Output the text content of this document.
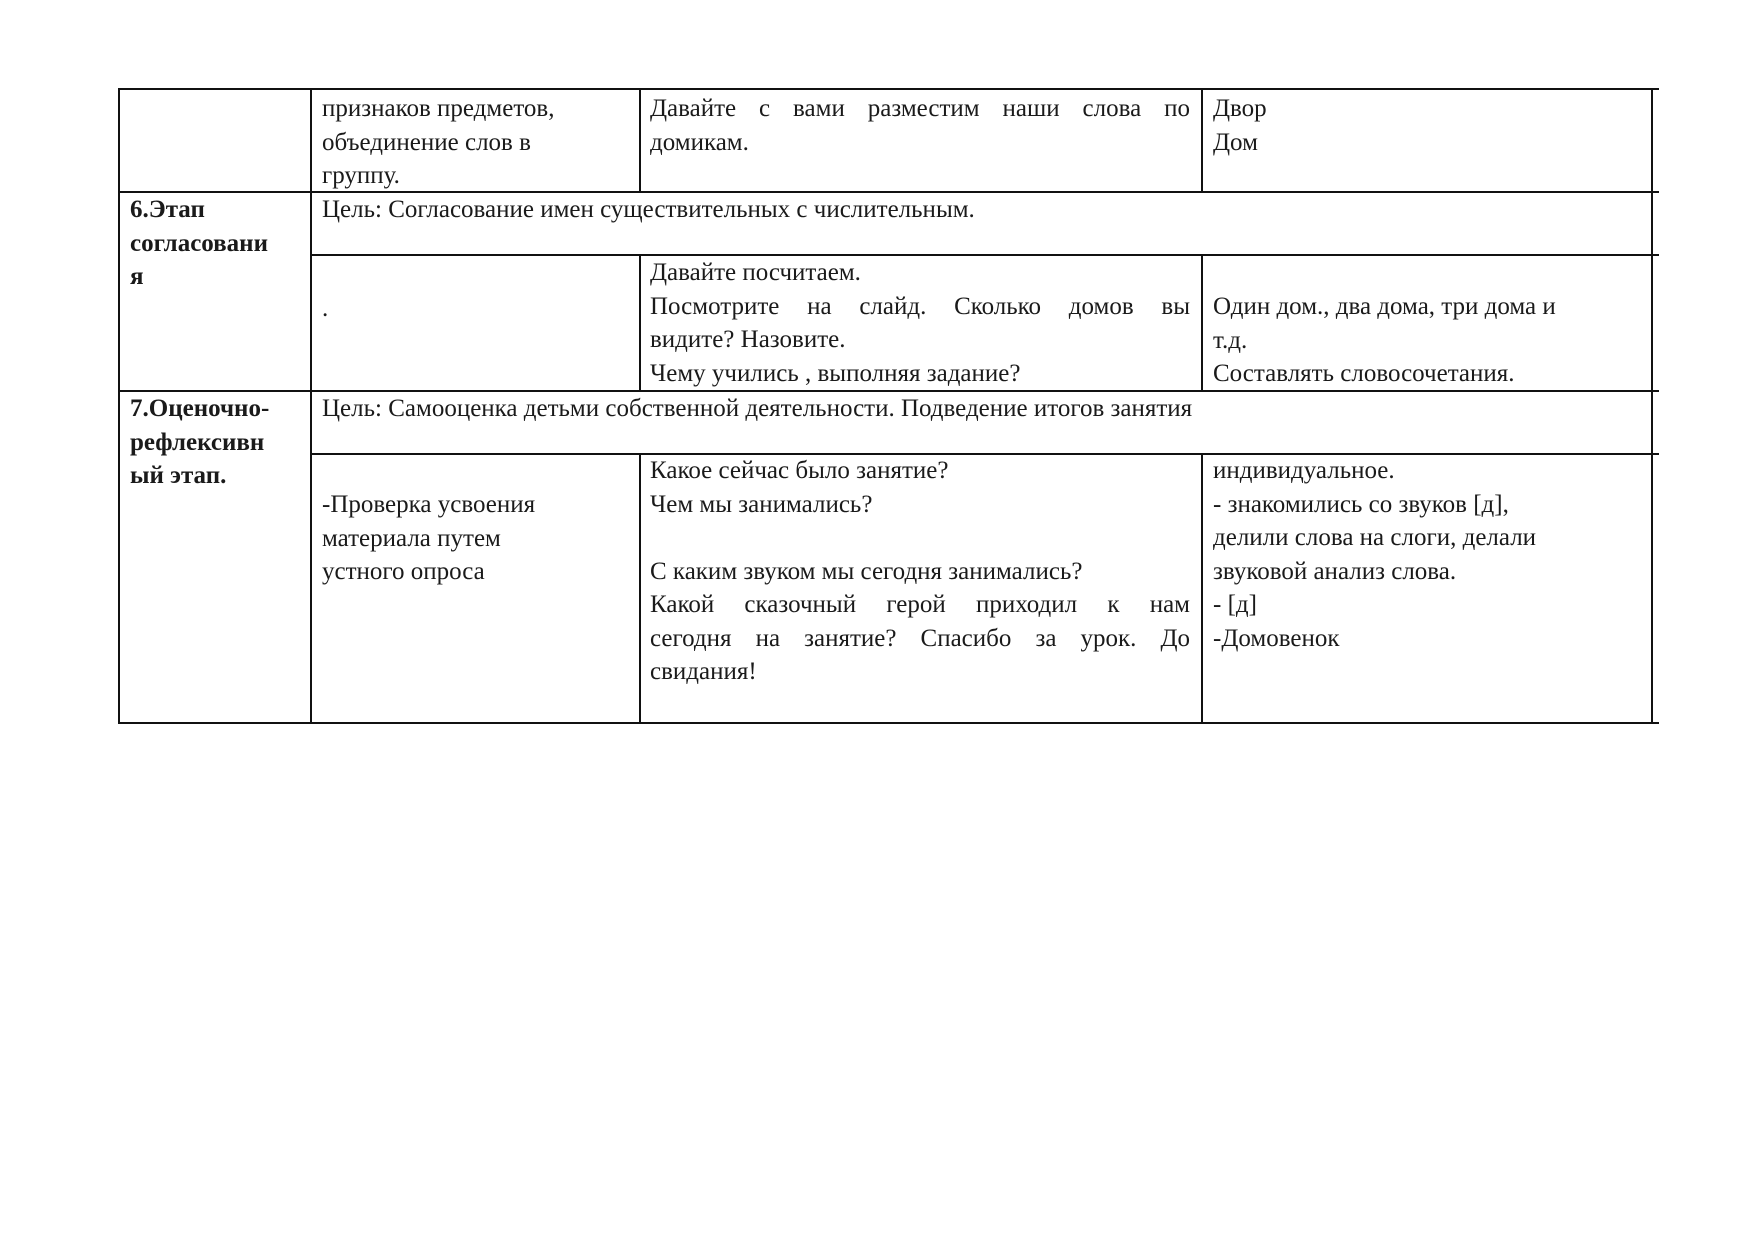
признаков предметов,
объединение слов в
группу.
Давайте с вами разместим наши слова по
домикам.
Двор
Дом
6.Этап
согласовани
я
Цель: Согласование имен существительных с числительным.
.
Давайте посчитаем.
Посмотрите на слайд. Сколько домов вы
видите? Назовите.
Чему учились , выполняя задание?
Один дом., два дома, три дома и
т.д.
Составлять словосочетания.
7.Оценочно-
рефлексивн
ый этап.
Цель: Самооценка детьми собственной деятельности. Подведение итогов занятия
-Проверка усвоения
материала путем
устного опроса
Какое сейчас было занятие?
Чем мы занимались?
С каким звуком мы сегодня занимались?
Какой сказочный герой приходил к нам
сегодня на занятие? Спасибо за урок. До
свидания!
индивидуальное.
- знакомились со звуков [д],
делили слова на слоги, делали
звуковой анализ слова.
- [д]
-Домовенок
